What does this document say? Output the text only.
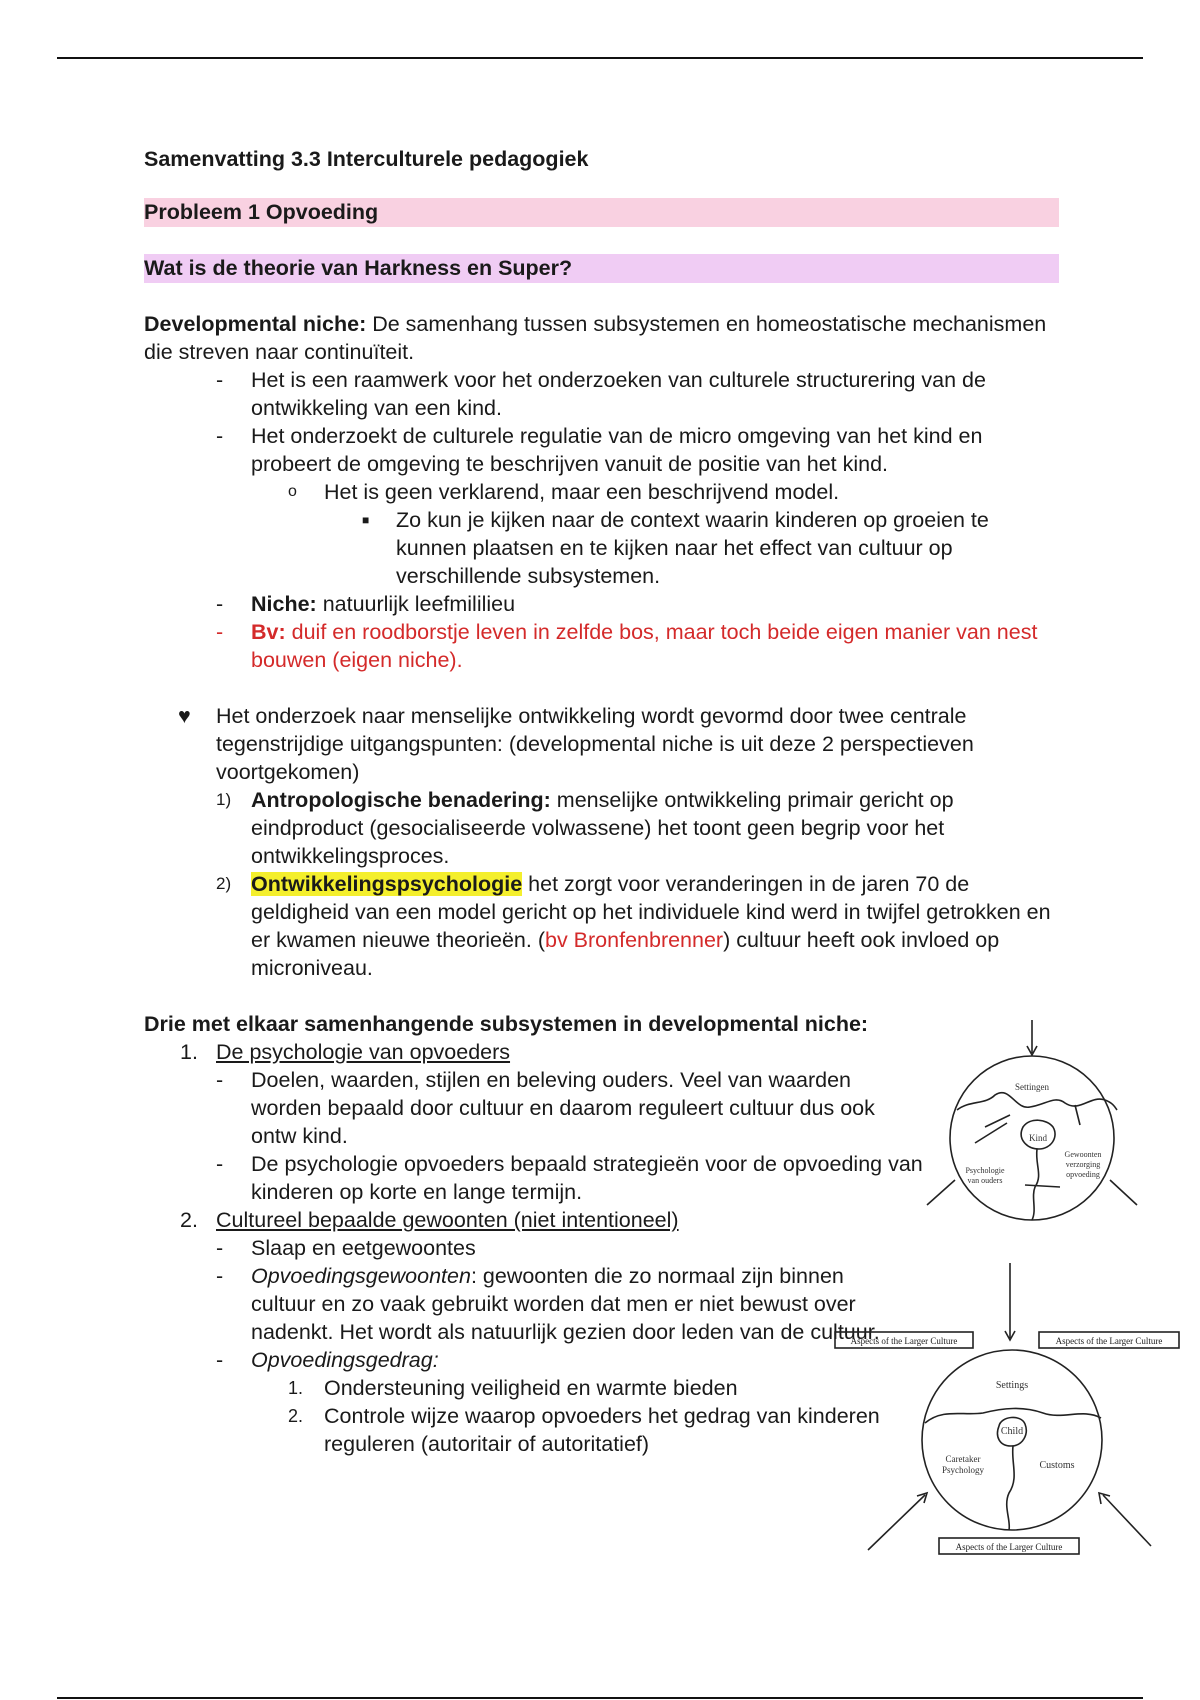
Samenvatting 3.3 Interculturele pedagogiek

Probleem 1 Opvoeding

Wat is de theorie van Harkness en Super?

Developmental niche: De samenhang tussen subsystemen en homeostatische mechanismen die streven naar continuïteit.

- Het is een raamwerk voor het onderzoeken van culturele structurering van de ontwikkeling van een kind.
- Het onderzoekt de culturele regulatie van de micro omgeving van het kind en probeert de omgeving te beschrijven vanuit de positie van het kind.
o Het is geen verklarend, maar een beschrijvend model.
■ Zo kun je kijken naar de context waarin kinderen op groeien te kunnen plaatsen en te kijken naar het effect van cultuur op verschillende subsystemen.
- Niche: natuurlijk leefmililieu
- Bv: duif en roodborstje leven in zelfde bos, maar toch beide eigen manier van nest bouwen (eigen niche).
♥ Het onderzoek naar menselijke ontwikkeling wordt gevormd door twee centrale tegenstrijdige uitgangspunten: (developmental niche is uit deze 2 perspectieven voortgekomen)
1) Antropologische benadering: menselijke ontwikkeling primair gericht op eindproduct (gesocialiseerde volwassene) het toont geen begrip voor het ontwikkelingsproces.
2) Ontwikkelingspsychologie het zorgt voor veranderingen in de jaren 70 de geldigheid van een model gericht op het individuele kind werd in twijfel getrokken en er kwamen nieuwe theorieën. (bv Bronfenbrenner) cultuur heeft ook invloed op microniveau.

Drie met elkaar samenhangende subsystemen in developmental niche:

1. De psychologie van opvoeders
- Doelen, waarden, stijlen en beleving ouders. Veel van waarden worden bepaald door cultuur en daarom reguleert cultuur dus ook ontw kind.
- De psychologie opvoeders bepaald strategieën voor de opvoeding van kinderen op korte en lange termijn.
2. Cultureel bepaalde gewoonten (niet intentioneel)
- Slaap en eetgewoontes
- Opvoedingsgewoonten: gewoonten die zo normaal zijn binnen cultuur en zo vaak gebruikt worden dat men er niet bewust over nadenkt. Het wordt als natuurlijk gezien door leden van de cultuur.
- Opvoedingsgedrag:
1. Ondersteuning veiligheid en warmte bieden
2. Controle wijze waarop opvoeders het gedrag van kinderen reguleren (autoritair of autoritatief)
Settingen
Kind
Psychologie
van ouders
Gewoonten
verzorging
opvoeding
Aspects of the Larger Culture	Aspects of the Larger Culture
Aspects of the Larger Culture
Settings
Child
Caretaker
Psychology	Customs
